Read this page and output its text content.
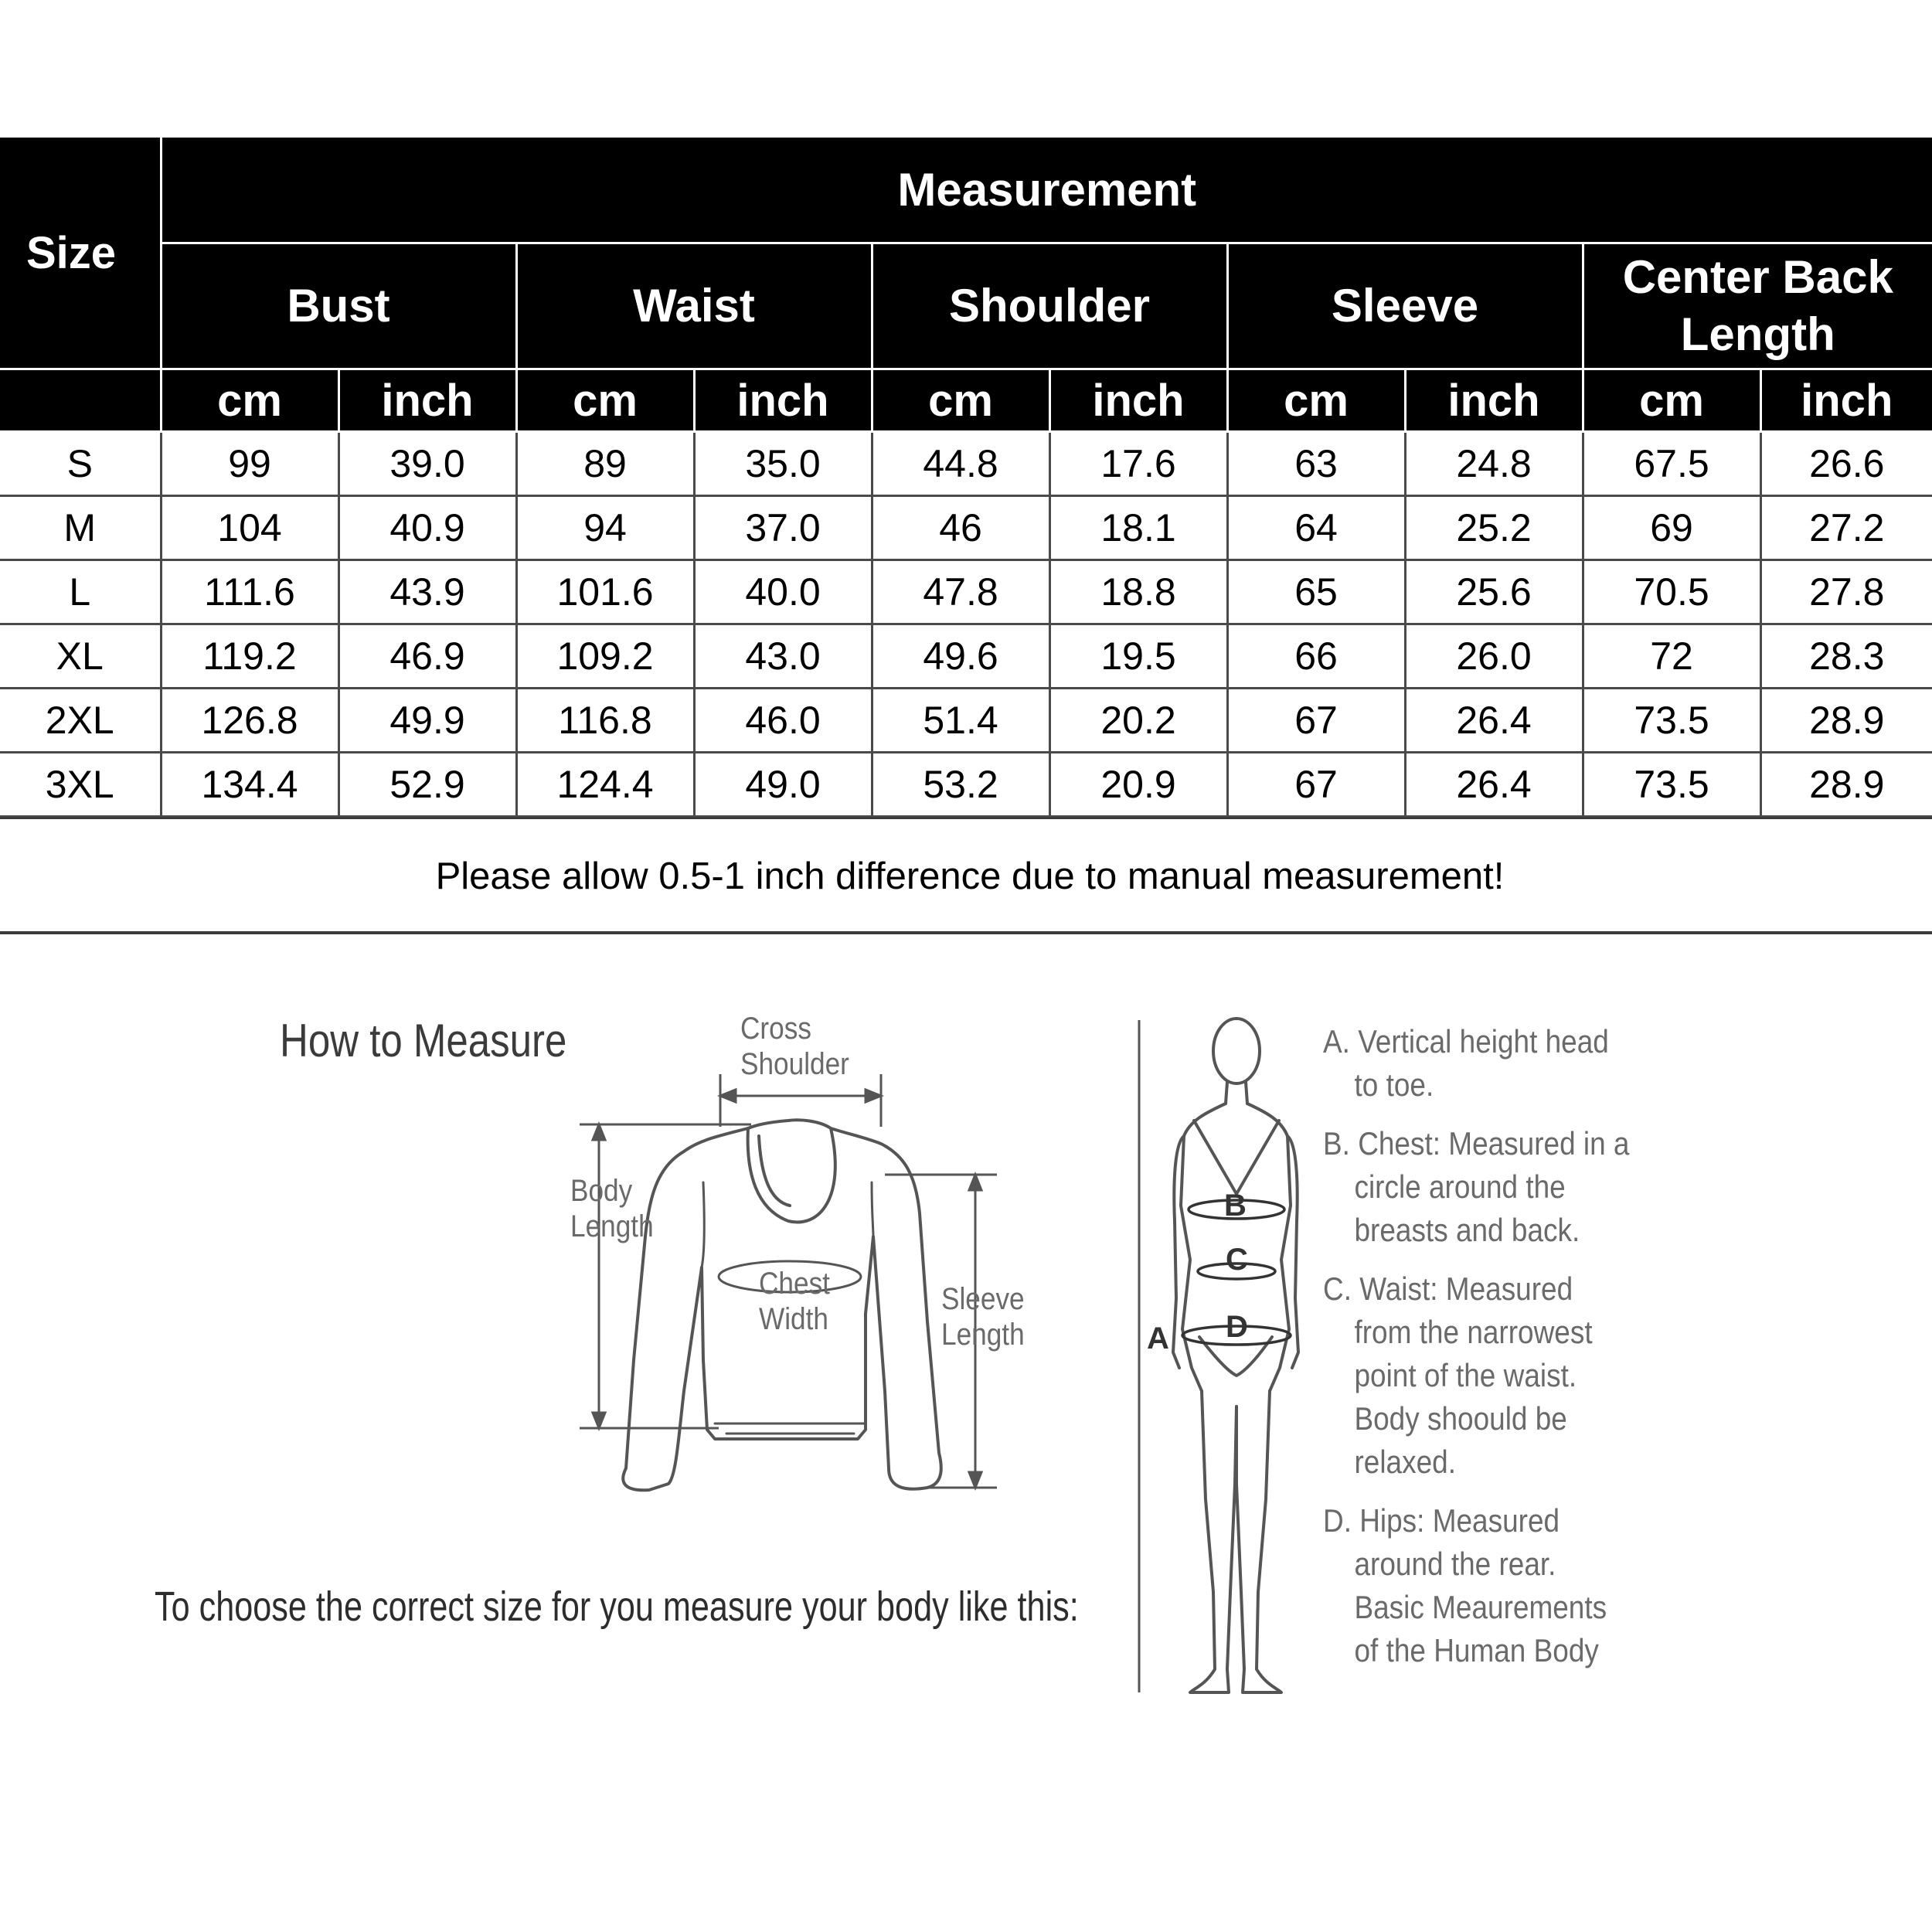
Size	Measurement									
	Bust		Waist		Shoulder		Sleeve		Center Back Length	
	cm	inch	cm	inch	cm	inch	cm	inch	cm	inch
S	99	39.0	89	35.0	44.8	17.6	63	24.8	67.5	26.6
M	104	40.9	94	37.0	46	18.1	64	25.2	69	27.2
L	111.6	43.9	101.6	40.0	47.8	18.8	65	25.6	70.5	27.8
XL	119.2	46.9	109.2	43.0	49.6	19.5	66	26.0	72	28.3
2XL	126.8	49.9	116.8	46.0	51.4	20.2	67	26.4	73.5	28.9
3XL	134.4	52.9	124.4	49.0	53.2	20.9	67	26.4	73.5	28.9
Please allow 0.5-1 inch difference due to manual measurement!
How to Measure	Cross
Shoulder
Body
Length
Chest
Width
Sleeve
Length
To choose the correct size for you measure your body like this:
B
C
D
A
A. Vertical height head
to toe.
B. Chest: Measured in a
circle around the
breasts and back.
C. Waist: Measured
from the narrowest
point of the waist.
Body shoould be
relaxed.
D. Hips: Measured
around the rear.
Basic Meaurements
of the Human Body
